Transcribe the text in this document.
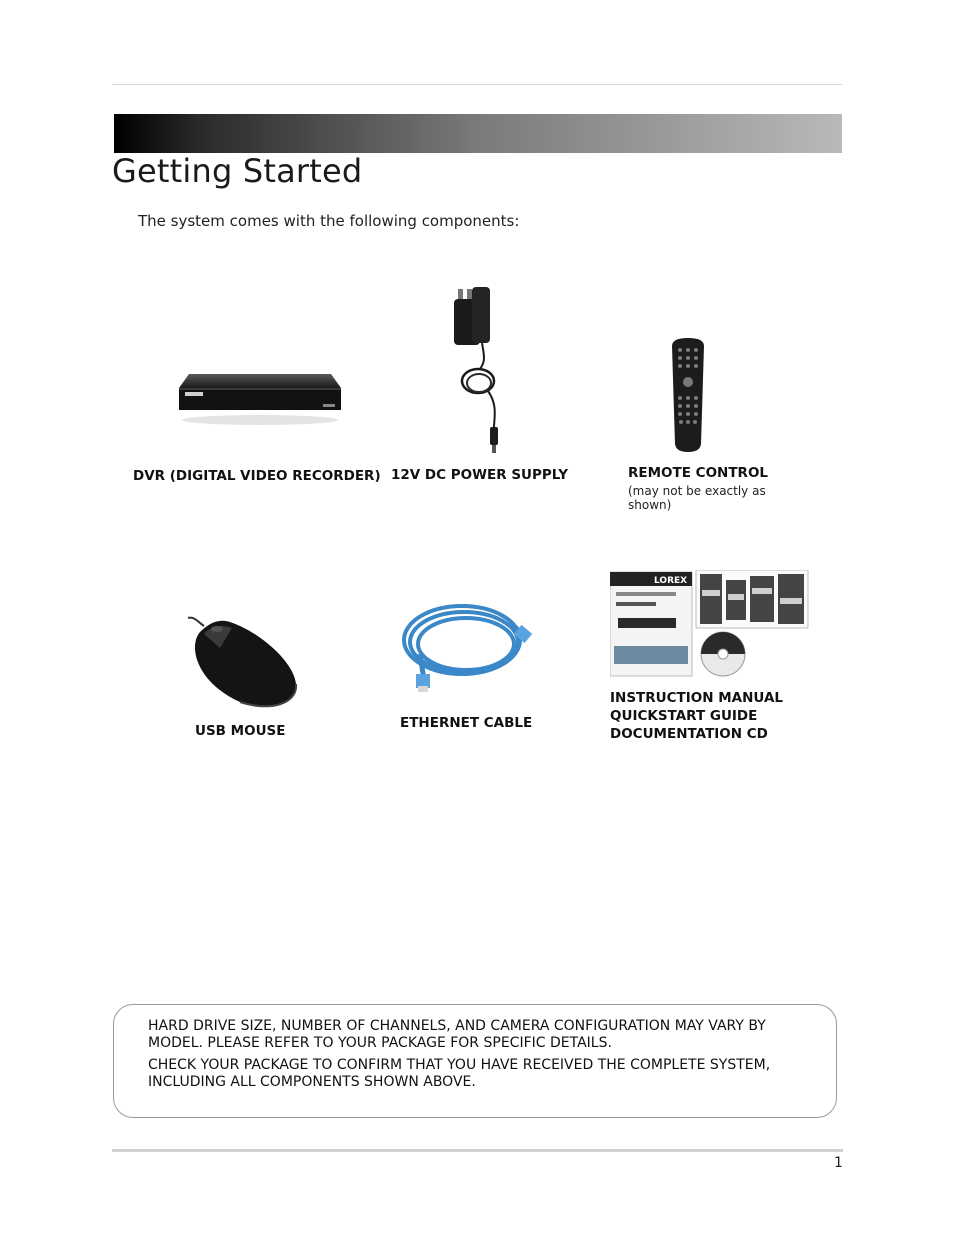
Getting Started
The system comes with the following components:
DVR (DIGITAL VIDEO RECORDER) 12V DC POWER SUPPLY	REMOTE CONTROL
(may not be exactly as shown)
USB MOUSE	ETHERNET CABLE
LOREX
INSTRUCTION MANUAL
QUICKSTART GUIDE
DOCUMENTATION CD
HARD DRIVE SIZE, NUMBER OF CHANNELS, AND CAMERA CONFIGURATION MAY VARY BY MODEL. PLEASE REFER TO YOUR PACKAGE FOR SPECIFIC DETAILS.
CHECK YOUR PACKAGE TO CONFIRM THAT YOU HAVE RECEIVED THE COMPLETE SYSTEM, INCLUDING ALL COMPONENTS SHOWN ABOVE.
1
